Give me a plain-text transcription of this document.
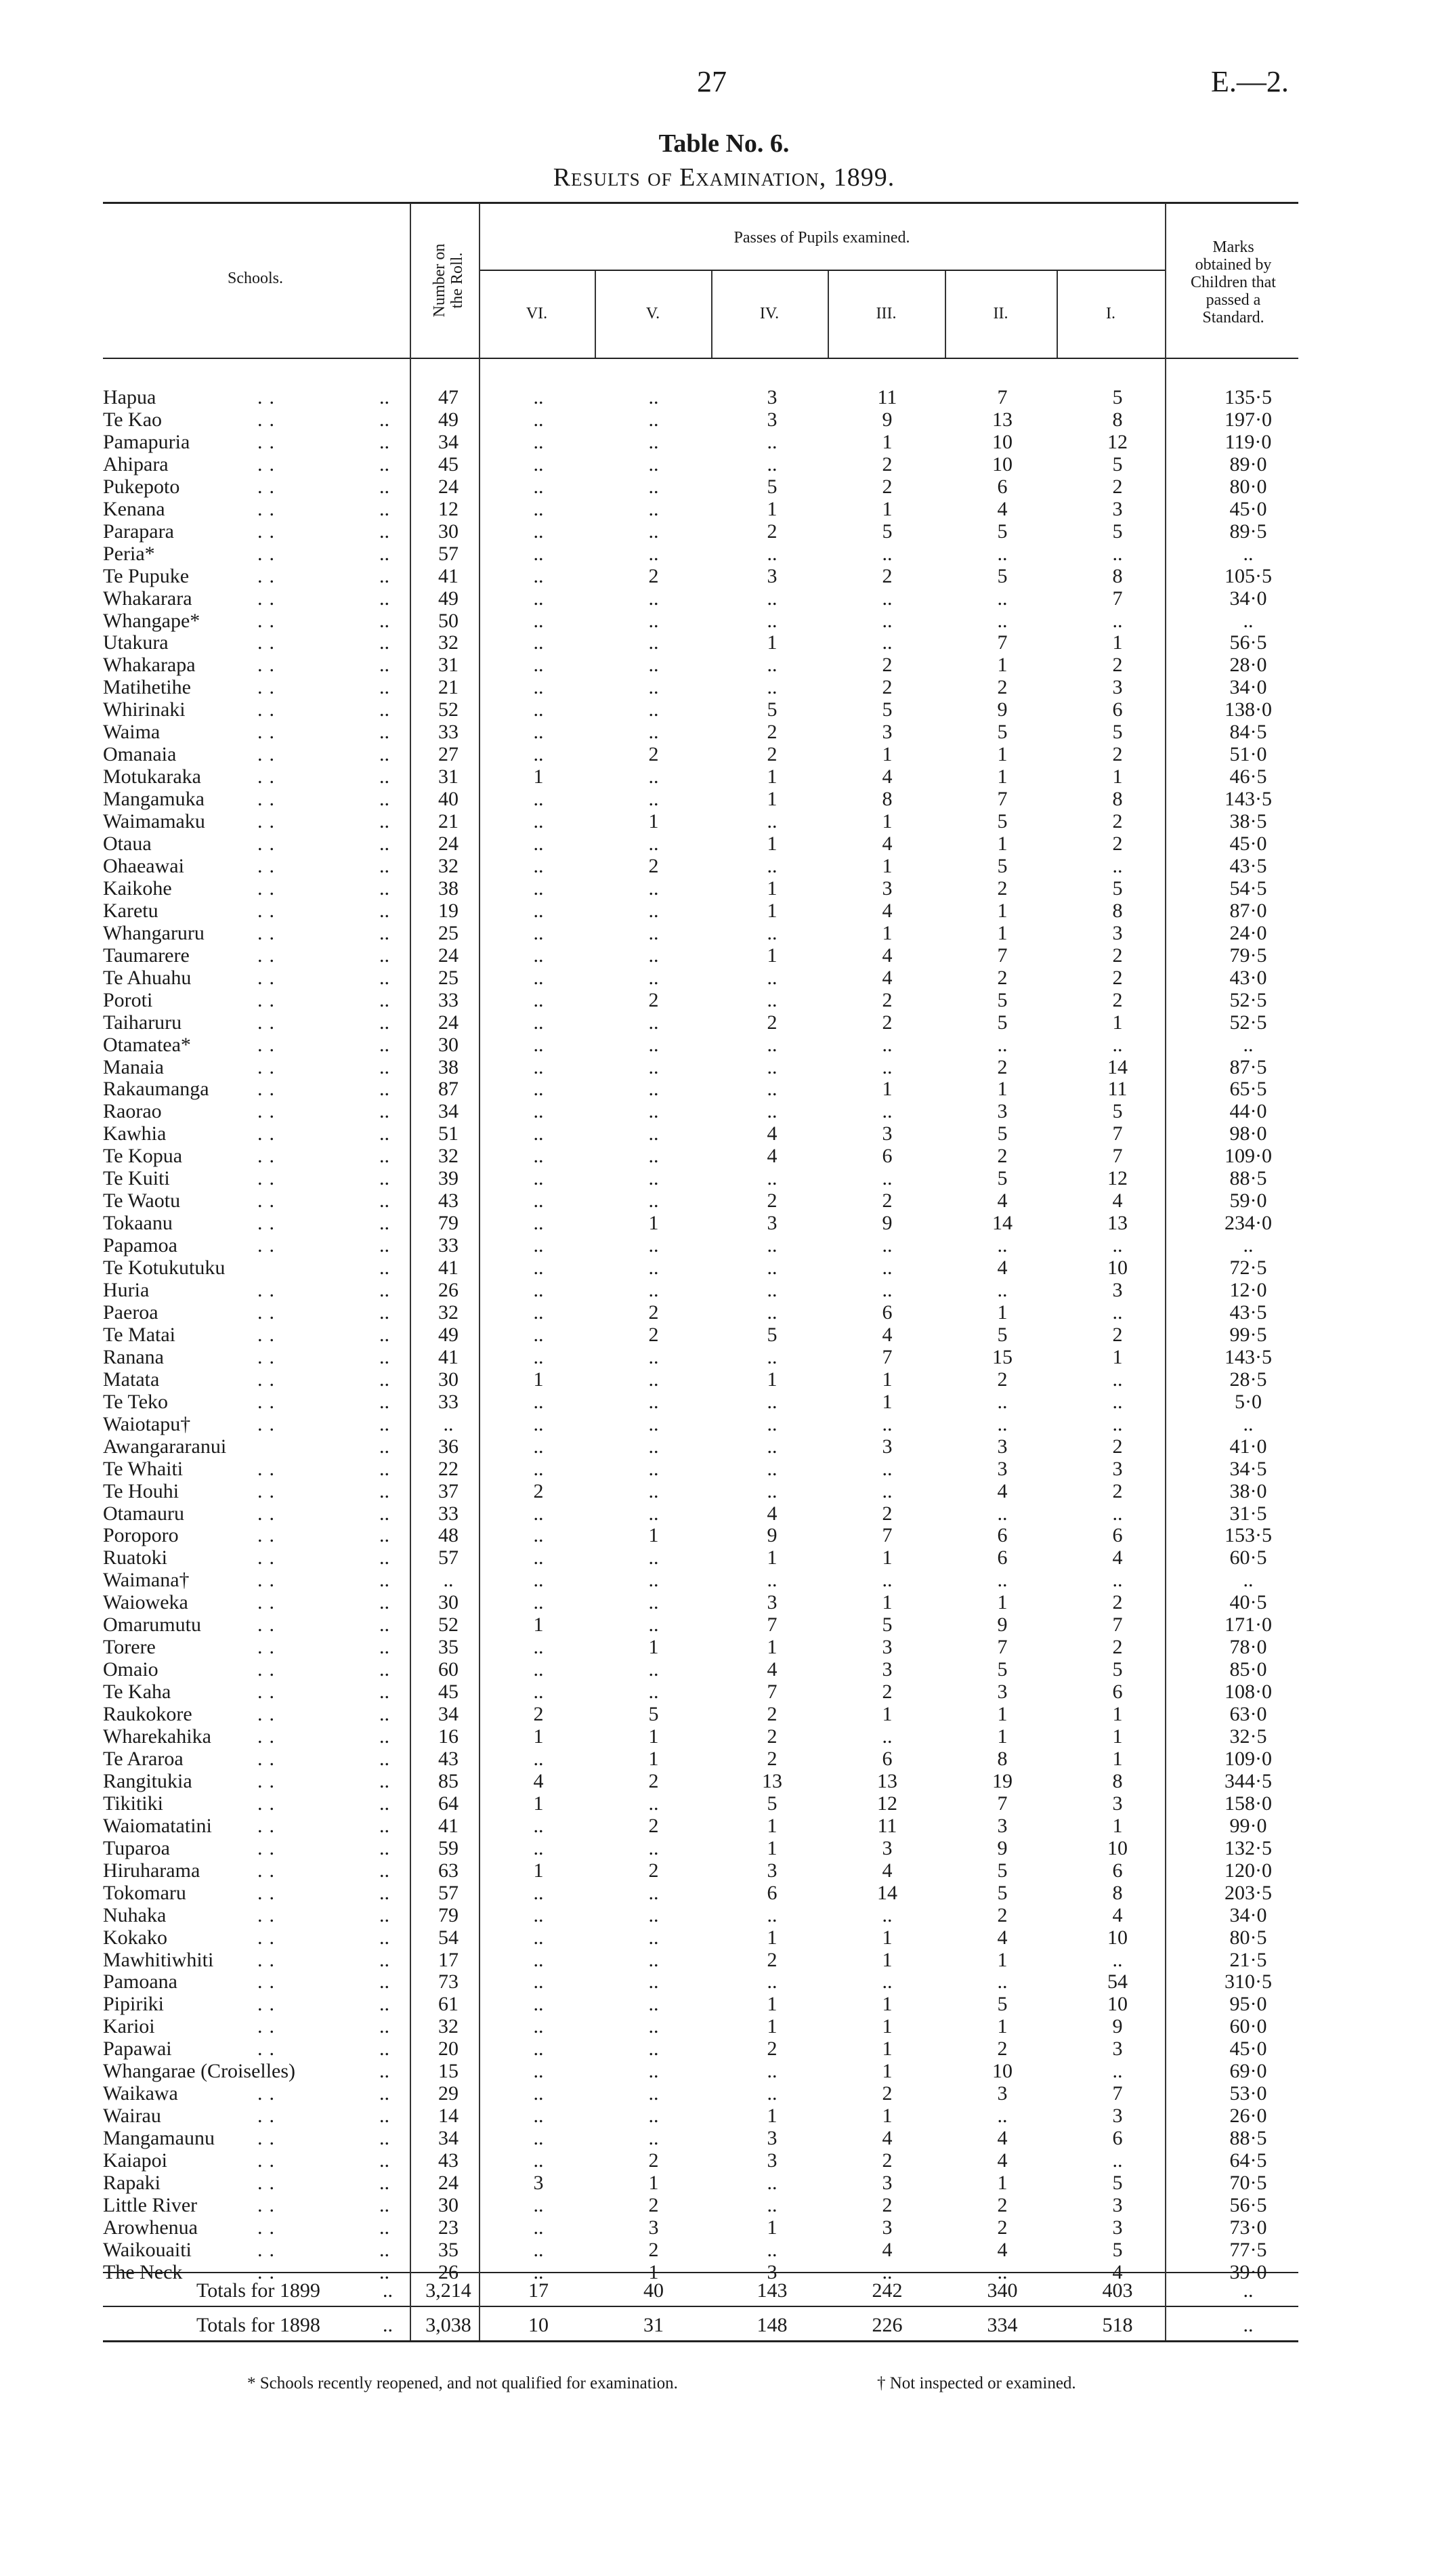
27	E.—2.
Table No. 6.
Results of Examination, 1899.
Schools.	Number on
the Roll.
Passes of Pupils examined.
VI.	V.	IV.	III.	II.	I.
Marks
obtained by
Children that
passed a
Standard.
Hapua	47	..	..	3	11	7	5	135·5
..	..
Te Kao	49	..	..	3	9	13	8	197·0
..	..
Pamapuria	34	..	..	..	1	10	12	119·0
..	..
Ahipara	45	..	..	..	2	10	5	89·0
..	..
Pukepoto	24	..	..	5	2	6	2	80·0
..	..
Kenana	12	..	..	1	1	4	3	45·0
..	..
Parapara	30	..	..	2	5	5	5	89·5
..	..
Peria*	57	..	..	..	..	..	..	..
..	..
Te Pupuke	41	..	2	3	2	5	8	105·5
..	..
Whakarara	49	..	..	..	..	..	7	34·0
..	..
Whangape*	50	..	..	..	..	..	..	..
..	..
Utakura	32	..	..	1	..	7	1	56·5
..	..
Whakarapa	31	..	..	..	2	1	2	28·0
..	..
Matihetihe	21	..	..	..	2	2	3	34·0
..	..
Whirinaki	52	..	..	5	5	9	6	138·0
..	..
Waima	33	..	..	2	3	5	5	84·5
..	..
Omanaia	27	..	2	2	1	1	2	51·0
..	..
Motukaraka	31	1	..	1	4	1	1	46·5
..	..
Mangamuka	40	..	..	1	8	7	8	143·5
..	..
Waimamaku	21	..	1	..	1	5	2	38·5
..	..
Otaua	24	..	..	1	4	1	2	45·0
..	..
Ohaeawai	32	..	2	..	1	5	..	43·5
..	..
Kaikohe	38	..	..	1	3	2	5	54·5
..	..
Karetu	19	..	..	1	4	1	8	87·0
..	..
Whangaruru	25	..	..	..	1	1	3	24·0
..	..
Taumarere	24	..	..	1	4	7	2	79·5
..	..
Te Ahuahu	25	..	..	..	4	2	2	43·0
..	..
Poroti	33	..	2	..	2	5	2	52·5
..	..
Taiharuru	24	..	..	2	2	5	1	52·5
..	..
Otamatea*	30	..	..	..	..	..	..	..
..	..
Manaia	38	..	..	..	..	2	14	87·5
..	..
Rakaumanga	87	..	..	..	1	1	11	65·5
..	..
Raorao	34	..	..	..	..	3	5	44·0
..	..
Kawhia	51	..	..	4	3	5	7	98·0
..	..
Te Kopua	32	..	..	4	6	2	7	109·0
..	..
Te Kuiti	39	..	..	..	..	5	12	88·5
..	..
Te Waotu	43	..	..	2	2	4	4	59·0
..	..
Tokaanu	79	..	1	3	9	14	13	234·0
..	..
Papamoa	33	..	..	..	..	..	..	..
..	..
Te Kotukutuku	41	..	..	..	..	4	10	72·5
..
Huria	26	..	..	..	..	..	3	12·0
..	..
Paeroa	32	..	2	..	6	1	..	43·5
..	..
Te Matai	49	..	2	5	4	5	2	99·5
..	..
Ranana	41	..	..	..	7	15	1	143·5
..	..
Matata	30	1	..	1	1	2	..	28·5
..	..
Te Teko	33	..	..	..	1	..	..	5·0
..	..
Waiotapu†	..	..	..	..	..	..	..	..
..	..
Awangararanui	36	..	..	..	3	3	2	41·0
..
Te Whaiti	22	..	..	..	..	3	3	34·5
..	..
Te Houhi	37	2	..	..	..	4	2	38·0
..	..
Otamauru	33	..	..	4	2	..	..	31·5
..	..
Poroporo	48	..	1	9	7	6	6	153·5
..	..
Ruatoki	57	..	..	1	1	6	4	60·5
..	..
Waimana†	..	..	..	..	..	..	..	..
..	..
Waioweka	30	..	..	3	1	1	2	40·5
..	..
Omarumutu	52	1	..	7	5	9	7	171·0
..	..
Torere	35	..	1	1	3	7	2	78·0
..	..
Omaio	60	..	..	4	3	5	5	85·0
..	..
Te Kaha	45	..	..	7	2	3	6	108·0
..	..
Raukokore	34	2	5	2	1	1	1	63·0
..	..
Wharekahika	16	1	1	2	..	1	1	32·5
..	..
Te Araroa	43	..	1	2	6	8	1	109·0
..	..
Rangitukia	85	4	2	13	13	19	8	344·5
..	..
Tikitiki	64	1	..	5	12	7	3	158·0
..	..
Waiomatatini	41	..	2	1	11	3	1	99·0
..	..
Tuparoa	59	..	..	1	3	9	10	132·5
..	..
Hiruharama	63	1	2	3	4	5	6	120·0
..	..
Tokomaru	57	..	..	6	14	5	8	203·5
..	..
Nuhaka	79	..	..	..	..	2	4	34·0
..	..
Kokako	54	..	..	1	1	4	10	80·5
..	..
Mawhitiwhiti	17	..	..	2	1	1	..	21·5
..	..
Pamoana	73	..	..	..	..	..	54	310·5
..	..
Pipiriki	61	..	..	1	1	5	10	95·0
..	..
Karioi	32	..	..	1	1	1	9	60·0
..	..
Papawai	20	..	..	2	1	2	3	45·0
..	..
Whangarae (Croiselles)	15	..	..	..	1	10	..	69·0
..
Waikawa	29	..	..	..	2	3	7	53·0
..	..
Wairau	14	..	..	1	1	..	3	26·0
..	..
Mangamaunu	34	..	..	3	4	4	6	88·5
..	..
Kaiapoi	43	..	2	3	2	4	..	64·5
..	..
Rapaki	24	3	1	..	3	1	5	70·5
..	..
Little River	30	..	2	..	2	2	3	56·5
..	..
Arowhenua	23	..	3	1	3	2	3	73·0
..	..
Waikouaiti	35	..	2	..	4	4	5	77·5
..	..
The Neck	26	..	1	3	..	..	4	39·0
..	..
Totals for 1899	.. 3,214	17	40	143	242	340	403	..
Totals for 1898	.. 3,038	10	31	148	226	334	518	..
* Schools recently reopened, and not qualified for examination.	† Not inspected or examined.
